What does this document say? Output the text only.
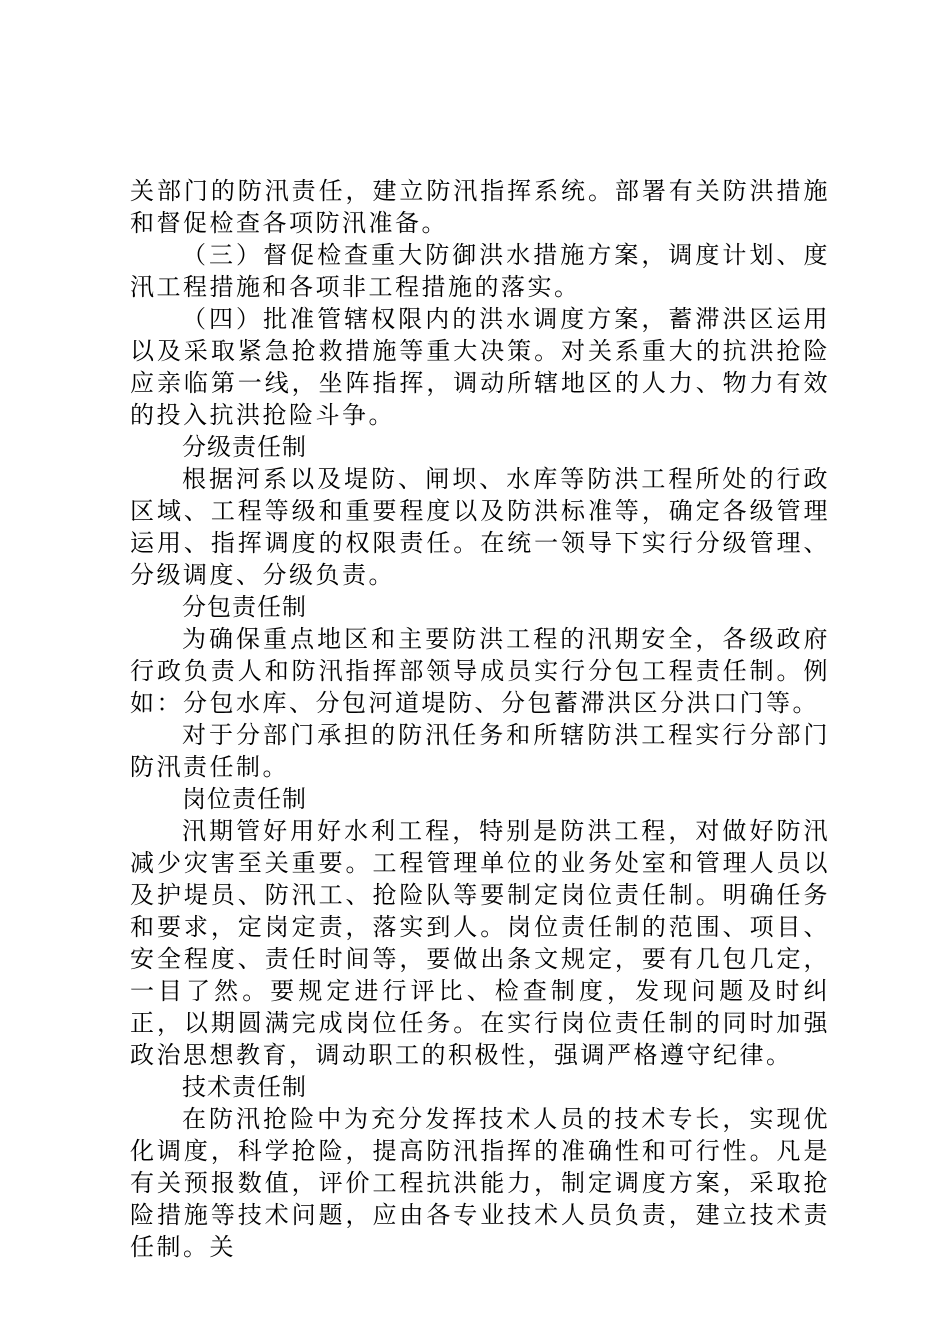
关部门的防汛责任，建立防汛指挥系统。部署有关防洪措施和督促检查各项防汛准备。

（三）督促检查重大防御洪水措施方案，调度计划、度汛工程措施和各项非工程措施的落实。

（四）批准管辖权限内的洪水调度方案，蓄滞洪区运用以及采取紧急抢救措施等重大决策。对关系重大的抗洪抢险应亲临第一线，坐阵指挥，调动所辖地区的人力、物力有效的投入抗洪抢险斗争。

分级责任制

根据河系以及堤防、闸坝、水库等防洪工程所处的行政区域、工程等级和重要程度以及防洪标准等，确定各级管理运用、指挥调度的权限责任。在统一领导下实行分级管理、分级调度、分级负责。

分包责任制

为确保重点地区和主要防洪工程的汛期安全，各级政府行政负责人和防汛指挥部领导成员实行分包工程责任制。例如：分包水库、分包河道堤防、分包蓄滞洪区分洪口门等。

对于分部门承担的防汛任务和所辖防洪工程实行分部门防汛责任制。

岗位责任制

汛期管好用好水利工程，特别是防洪工程，对做好防汛减少灾害至关重要。工程管理单位的业务处室和管理人员以及护堤员、防汛工、抢险队等要制定岗位责任制。明确任务和要求，定岗定责，落实到人。岗位责任制的范围、项目、安全程度、责任时间等，要做出条文规定，要有几包几定，一目了然。要规定进行评比、检查制度，发现问题及时纠正，以期圆满完成岗位任务。在实行岗位责任制的同时加强政治思想教育，调动职工的积极性，强调严格遵守纪律。

技术责任制

在防汛抢险中为充分发挥技术人员的技术专长，实现优化调度，科学抢险，提高防汛指挥的准确性和可行性。凡是有关预报数值，评价工程抗洪能力，制定调度方案，采取抢险措施等技术问题，应由各专业技术人员负责，建立技术责任制。关
